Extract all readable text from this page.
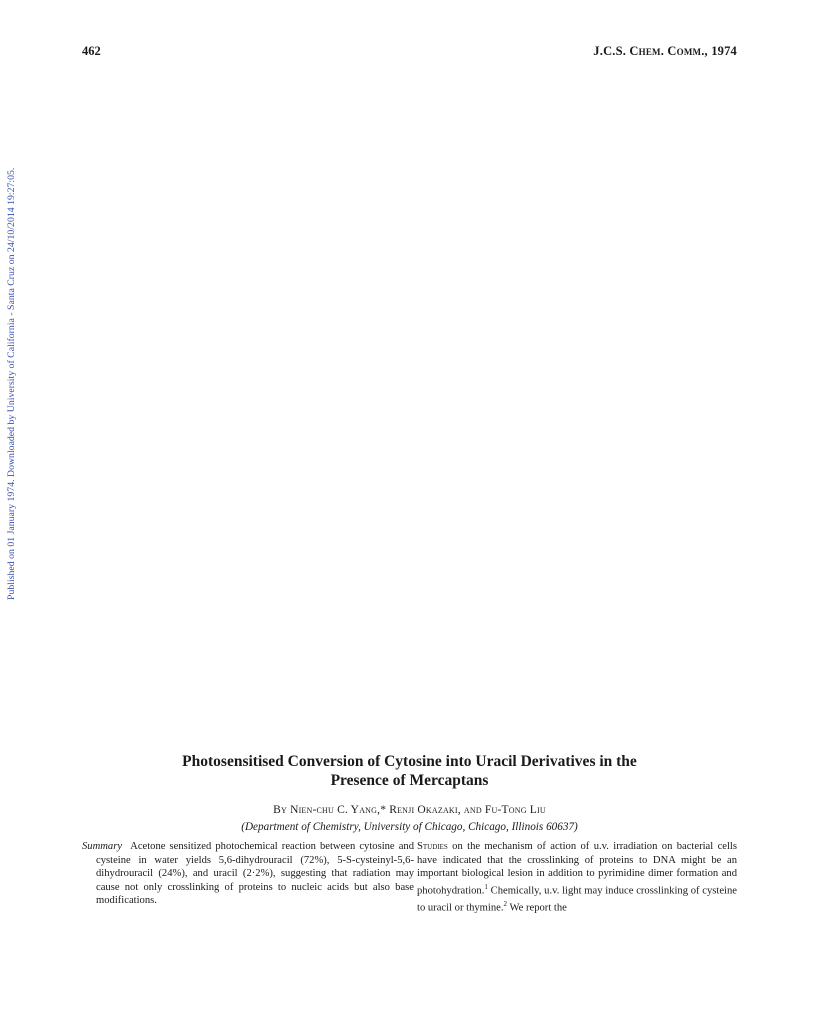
462	J.C.S. Chem. Comm., 1974
Published on 01 January 1974. Downloaded by University of California - Santa Cruz on 24/10/2014 19:27:05.
Photosensitised Conversion of Cytosine into Uracil Derivatives in the
Presence of Mercaptans
By Nien-chu C. Yang,* Renji Okazaki, and Fu-Tong Liu
(Department of Chemistry, University of Chicago, Chicago, Illinois 60637)

Summary Acetone sensitized photochemical reaction between cytosine and cysteine in water yields 5,6-dihydrouracil (72%), 5-S-cysteinyl-5,6-dihydrouracil (24%), and uracil (2·2%), suggesting that radiation may cause not only crosslinking of proteins to nucleic acids but also base modifications.

Studies on the mechanism of action of u.v. irradiation on bacterial cells have indicated that the crosslinking of proteins to DNA might be an important biological lesion in addition to pyrimidine dimer formation and photohydration.$^1$ Chemically, u.v. light may induce crosslinking of cysteine to uracil or thymine.$^2$ We report the
